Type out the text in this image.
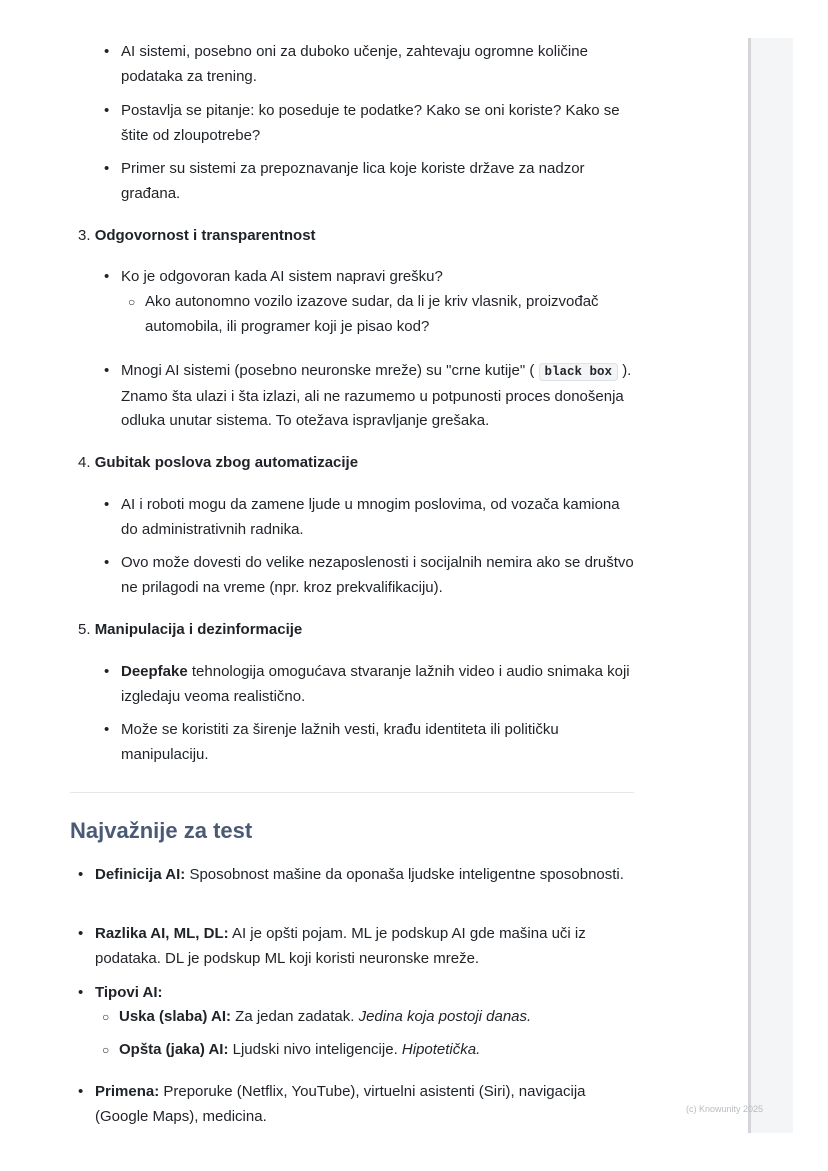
• AI sistemi, posebno oni za duboko učenje, zahtevaju ogromne količine podataka za trening.
• Postavlja se pitanje: ko poseduje te podatke? Kako se oni koriste? Kako se štite od zloupotrebe?
• Primer su sistemi za prepoznavanje lica koje koriste države za nadzor građana.
3. Odgovornost i transparentnost
• Ko je odgovoran kada AI sistem napravi grešku?
○ Ako autonomno vozilo izazove sudar, da li je kriv vlasnik, proizvođač automobila, ili programer koji je pisao kod?
• Mnogi AI sistemi (posebno neuronske mreže) su "crne kutije" ( black box ). Znamo šta ulazi i šta izlazi, ali ne razumemo u potpunosti proces donošenja odluka unutar sistema. To otežava ispravljanje grešaka.
4. Gubitak poslova zbog automatizacije
• AI i roboti mogu da zamene ljude u mnogim poslovima, od vozača kamiona do administrativnih radnika.
• Ovo može dovesti do velike nezaposlenosti i socijalnih nemira ako se društvo ne prilagodi na vreme (npr. kroz prekvalifikaciju).
5. Manipulacija i dezinformacije
• Deepfake tehnologija omogućava stvaranje lažnih video i audio snimaka koji izgledaju veoma realistično.
• Može se koristiti za širenje lažnih vesti, krađu identiteta ili političku manipulaciju.
Najvažnije za test
• Definicija AI: Sposobnost mašine da oponaša ljudske inteligentne sposobnosti.
• Razlika AI, ML, DL: AI je opšti pojam. ML je podskup AI gde mašina uči iz podataka. DL je podskup ML koji koristi neuronske mreže.
• Tipovi AI:
○ Uska (slaba) AI: Za jedan zadatak. Jedina koja postoji danas.
○ Opšta (jaka) AI: Ljudski nivo inteligencije. Hipotetička.
• Primena: Preporuke (Netflix, YouTube), virtuelni asistenti (Siri), navigacija (Google Maps), medicina.	(c) Knowunity 2025
